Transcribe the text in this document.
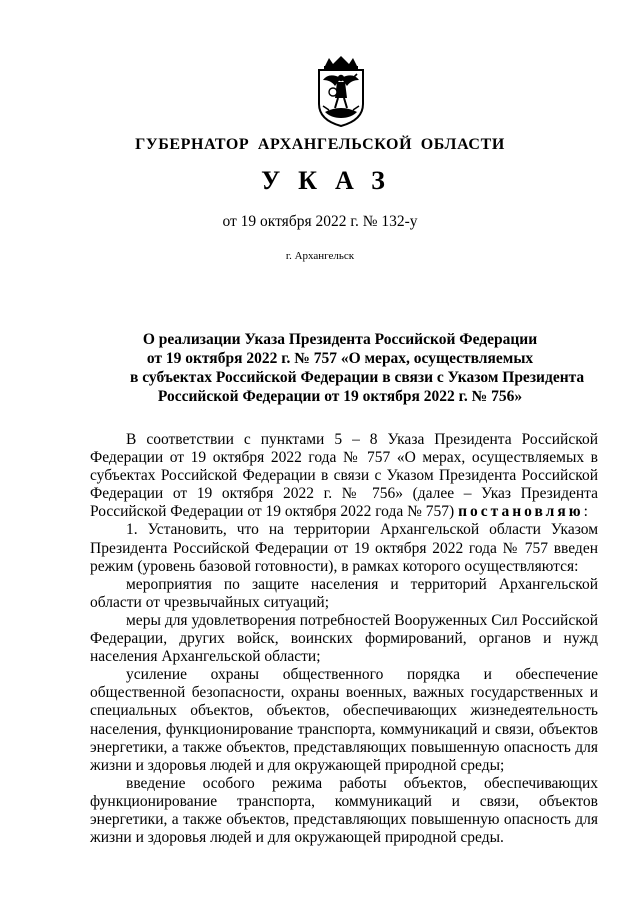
ГУБЕРНАТОР АРХАНГЕЛЬСКОЙ ОБЛАСТИ
УКАЗ
от 19 октября 2022 г. № 132-у
г. Архангельск
О реализации Указа Президента Российской Федерации
от 19 октября 2022 г. № 757 «О мерах, осуществляемых
в субъектах Российской Федерации в связи с Указом Президента
Российской Федерации от 19 октября 2022 г. № 756»

В соответствии с пунктами 5 – 8 Указа Президента Российской Федерации от 19 октября 2022 года № 757 «О мерах, осуществляемых в субъектах Российской Федерации в связи с Указом Президента Российской Федерации от 19 октября 2022 г. № 756» (далее – Указ Президента Российской Федерации от 19 октября 2022 года № 757) постановляю:

1. Установить, что на территории Архангельской области Указом Президента Российской Федерации от 19 октября 2022 года № 757 введен режим (уровень базовой готовности), в рамках которого осуществляются:

мероприятия по защите населения и территорий Архангельской области от чрезвычайных ситуаций;

меры для удовлетворения потребностей Вооруженных Сил Российской Федерации, других войск, воинских формирований, органов и нужд населения Архангельской области;

усиление охраны общественного порядка и обеспечение общественной безопасности, охраны военных, важных государственных и специальных объектов, объектов, обеспечивающих жизнедеятельность населения, функционирование транспорта, коммуникаций и связи, объектов энергетики, а также объектов, представляющих повышенную опасность для жизни и здоровья людей и для окружающей природной среды;

введение особого режима работы объектов, обеспечивающих функционирование транспорта, коммуникаций и связи, объектов энергетики, а также объектов, представляющих повышенную опасность для жизни и здоровья людей и для окружающей природной среды.
